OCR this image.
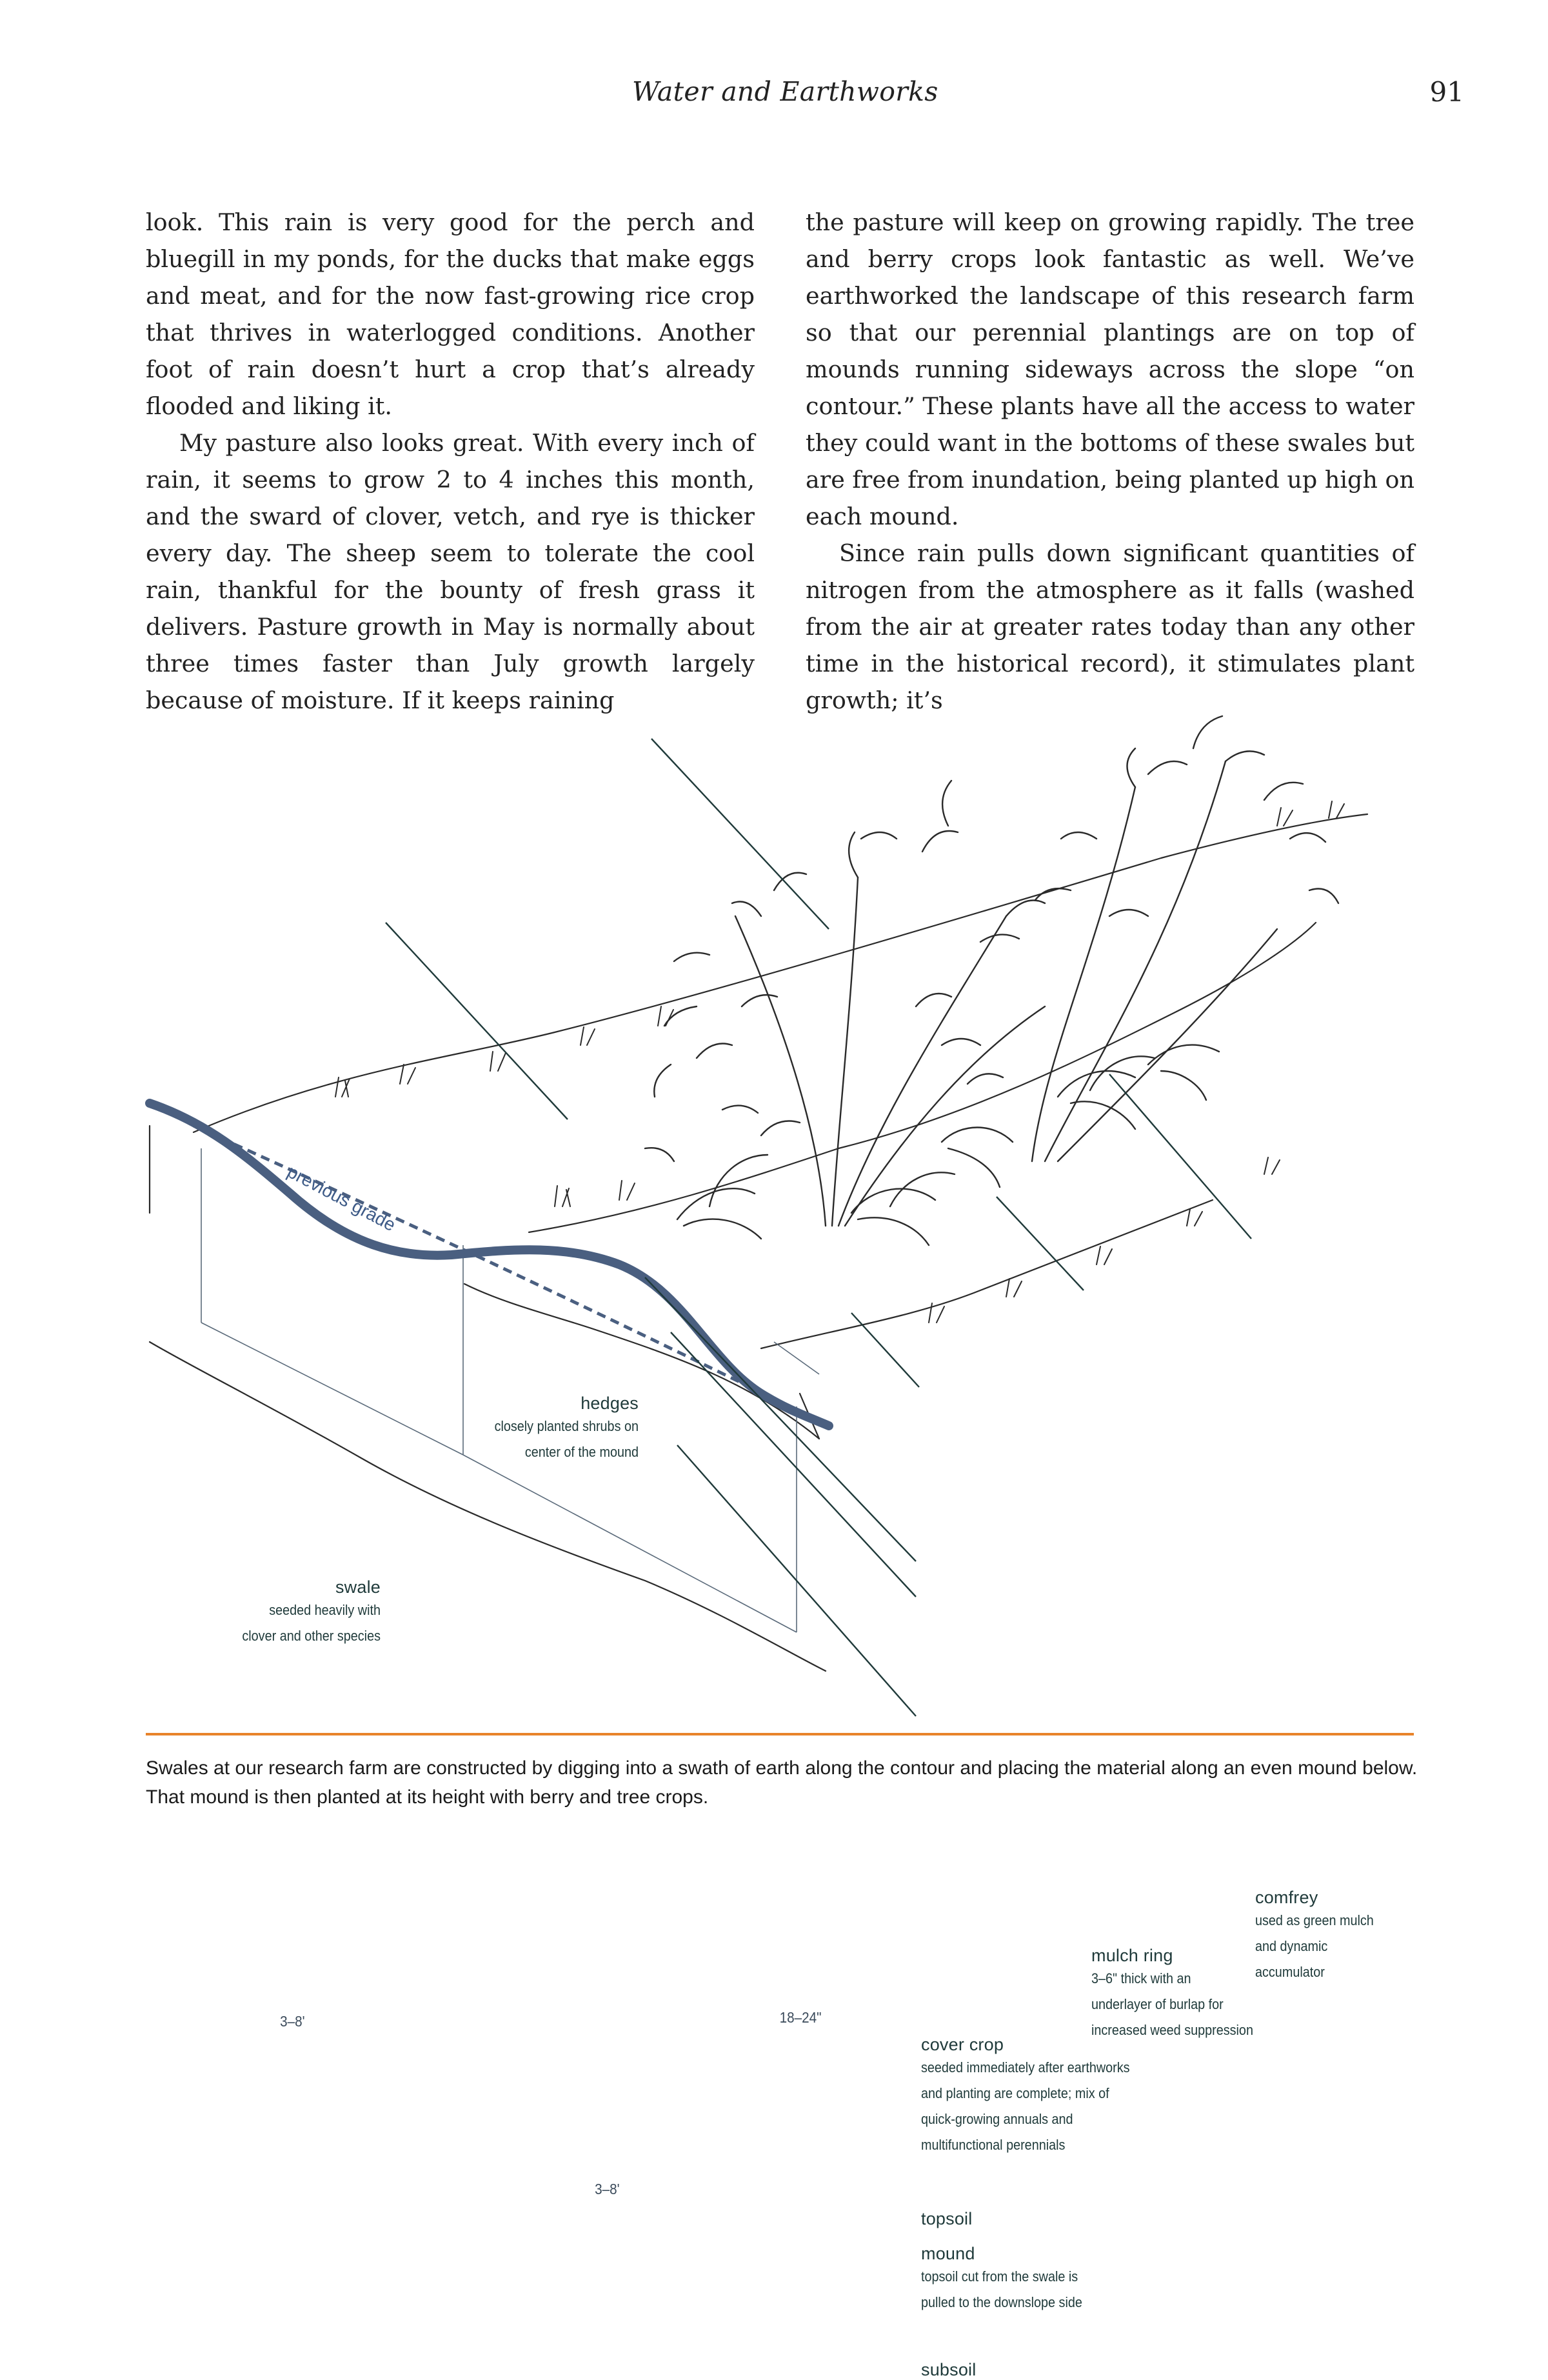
Water and Earthworks	91

look. This rain is very good for the perch and bluegill in my ponds, for the ducks that make eggs and meat, and for the now fast-growing rice crop that thrives in waterlogged conditions. Another foot of rain doesn’t hurt a crop that’s already flooded and liking it.

My pasture also looks great. With every inch of rain, it seems to grow 2 to 4 inches this month, and the sward of clover, vetch, and rye is thicker every day. The sheep seem to tolerate the cool rain, thankful for the bounty of fresh grass it delivers. Pasture growth in May is normally about three times faster than July growth largely because of moisture. If it keeps raining

the pasture will keep on growing rapidly. The tree and berry crops look fantastic as well. We’ve earthworked the landscape of this research farm so that our perennial plantings are on top of mounds running sideways across the slope “on contour.” These plants have all the access to water they could want in the bottoms of these swales but are free from inundation, being planted up high on each mound.

Since rain pulls down significant quantities of nitrogen from the atmosphere as it falls (washed from the air at greater rates today than any other time in the historical record), it stimulates plant growth; it’s

hedges
closely planted shrubs on
center of the mound
swale
seeded heavily with
clover and other species
comfrey
used as green mulch
and dynamic
accumulator
mulch ring
3–6" thick with an
underlayer of burlap for
increased weed suppression
cover crop
seeded immediately after earthworks
and planting are complete; mix of
quick-growing annuals and
multifunctional perennials
topsoil
mound
topsoil cut from the swale is
pulled to the downslope side
subsoil
3–8'
3–8'
18–24"
previous grade
Swales at our research farm are constructed by digging into a swath of earth along the contour and placing the material along an even mound below. That mound is then planted at its height with berry and tree crops.
